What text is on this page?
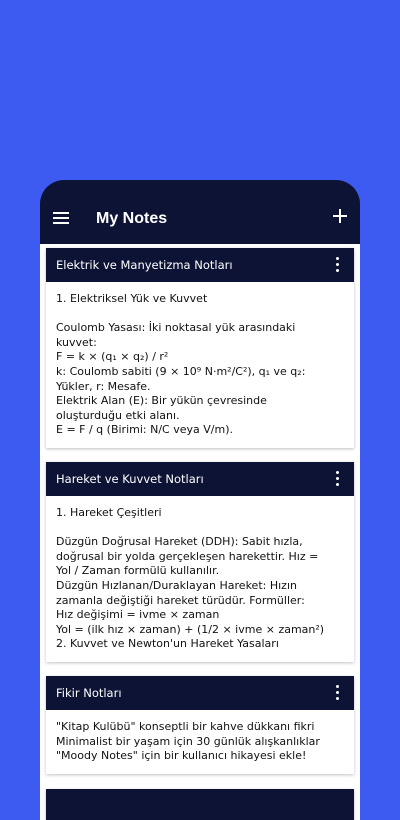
My Notes
Elektrik ve Manyetizma Notları
1. Elektriksel Yük ve Kuvvet
Coulomb Yasası: İki noktasal yük arasındaki
kuvvet:
F = k × (q₁ × q₂) / r²
k: Coulomb sabiti (9 × 10⁹ N·m²/C²), q₁ ve q₂:
Yükler, r: Mesafe.
Elektrik Alan (E): Bir yükün çevresinde
oluşturduğu etki alanı.
E = F / q (Birimi: N/C veya V/m).
Hareket ve Kuvvet Notları
1. Hareket Çeşitleri
Düzgün Doğrusal Hareket (DDH): Sabit hızla,
doğrusal bir yolda gerçekleşen harekettir. Hız =
Yol / Zaman formülü kullanılır.
Düzgün Hızlanan/Duraklayan Hareket: Hızın
zamanla değiştiği hareket türüdür. Formüller:
Hız değişimi = ivme × zaman
Yol = (ilk hız × zaman) + (1/2 × ivme × zaman²)
2. Kuvvet ve Newton'un Hareket Yasaları
Fikir Notları
"Kitap Kulübü" konseptli bir kahve dükkanı fikri
Minimalist bir yaşam için 30 günlük alışkanlıklar
"Moody Notes" için bir kullanıcı hikayesi ekle!
